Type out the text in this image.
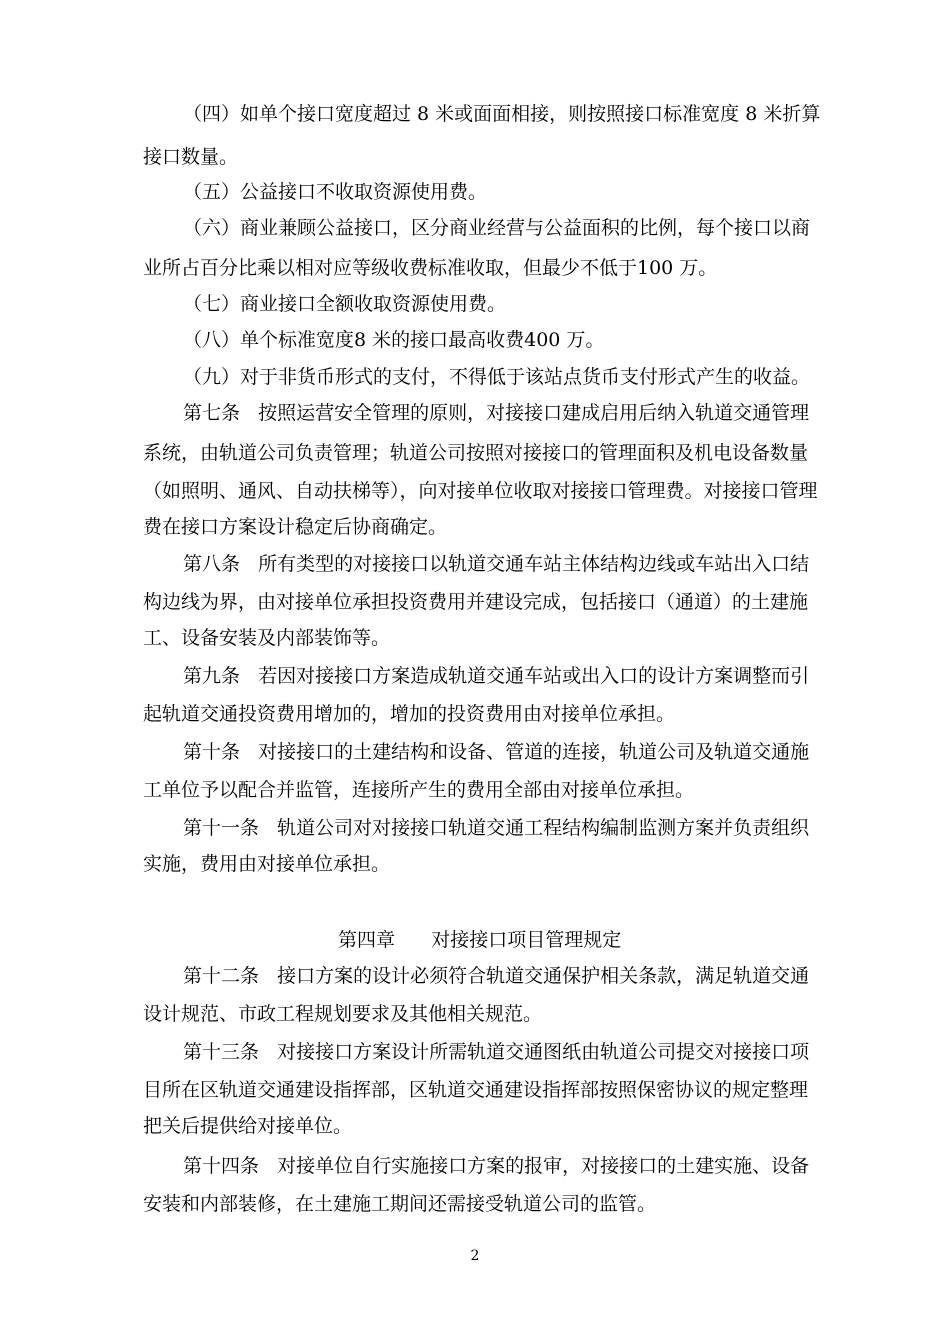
（四）如单个接口宽度超过 8 米或面面相接，则按照接口标准宽度 8 米折算
接口数量。
（五）公益接口不收取资源使用费。
（六）商业兼顾公益接口，区分商业经营与公益面积的比例，每个接口以商
业所占百分比乘以相对应等级收费标准收取，但最少不低于100 万。
（七）商业接口全额收取资源使用费。
（八）单个标准宽度8 米的接口最高收费400 万。
（九）对于非货币形式的支付，不得低于该站点货币支付形式产生的收益。
第七条   按照运营安全管理的原则，对接接口建成启用后纳入轨道交通管理
系统，由轨道公司负责管理；轨道公司按照对接接口的管理面积及机电设备数量
（如照明、通风、自动扶梯等），向对接单位收取对接接口管理费。对接接口管理
费在接口方案设计稳定后协商确定。
第八条   所有类型的对接接口以轨道交通车站主体结构边线或车站出入口结
构边线为界，由对接单位承担投资费用并建设完成，包括接口（通道）的土建施
工、设备安装及内部装饰等。
第九条   若因对接接口方案造成轨道交通车站或出入口的设计方案调整而引
起轨道交通投资费用增加的，增加的投资费用由对接单位承担。
第十条   对接接口的土建结构和设备、管道的连接，轨道公司及轨道交通施
工单位予以配合并监管，连接所产生的费用全部由对接单位承担。
第十一条   轨道公司对对接接口轨道交通工程结构编制监测方案并负责组织
实施，费用由对接单位承担。
第四章      对接接口项目管理规定
第十二条   接口方案的设计必须符合轨道交通保护相关条款，满足轨道交通
设计规范、市政工程规划要求及其他相关规范。
第十三条   对接接口方案设计所需轨道交通图纸由轨道公司提交对接接口项
目所在区轨道交通建设指挥部，区轨道交通建设指挥部按照保密协议的规定整理
把关后提供给对接单位。
第十四条   对接单位自行实施接口方案的报审，对接接口的土建实施、设备
安装和内部装修，在土建施工期间还需接受轨道公司的监管。
2
